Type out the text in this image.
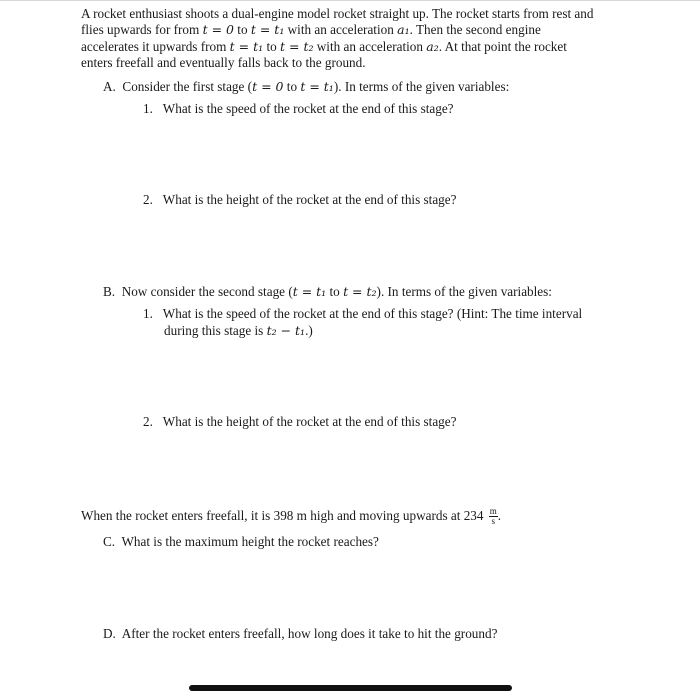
A rocket enthusiast shoots a dual-engine model rocket straight up. The rocket starts from rest and
flies upwards for from t = 0 to t = t₁ with an acceleration a₁. Then the second engine
accelerates it upwards from t = t₁ to t = t₂ with an acceleration a₂. At that point the rocket
enters freefall and eventually falls back to the ground.
A. Consider the first stage (t = 0 to t = t₁). In terms of the given variables:
1. What is the speed of the rocket at the end of this stage?
2. What is the height of the rocket at the end of this stage?
B. Now consider the second stage (t = t₁ to t = t₂). In terms of the given variables:
1. What is the speed of the rocket at the end of this stage? (Hint: The time interval
during this stage is t₂ − t₁.)
2. What is the height of the rocket at the end of this stage?
When the rocket enters freefall, it is 398 m high and moving upwards at $234 \frac{m}{s}$ .
C. What is the maximum height the rocket reaches?
D. After the rocket enters freefall, how long does it take to hit the ground?
